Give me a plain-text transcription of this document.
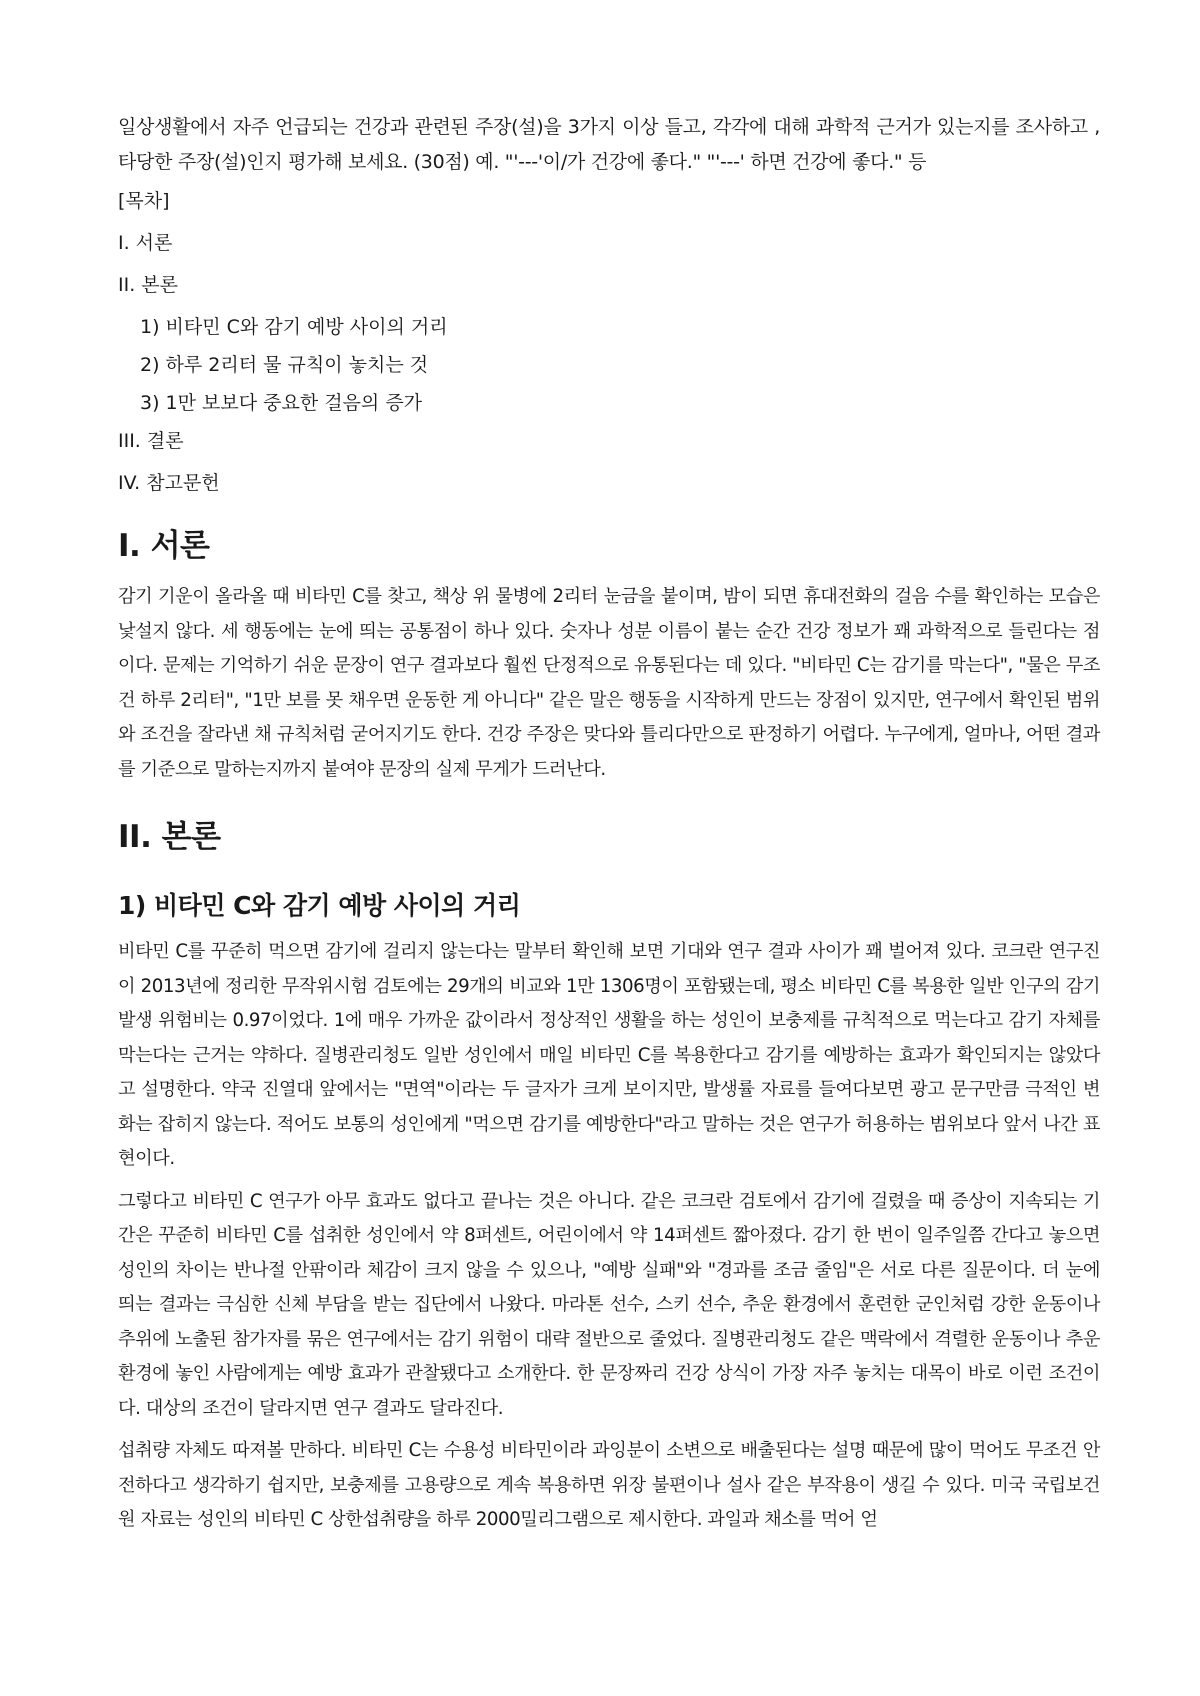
일상생활에서 자주 언급되는 건강과 관련된 주장(설)을 3가지 이상 들고, 각각에 대해 과학적 근거가 있는지를 조사하고 , 타당한 주장(설)인지 평가해 보세요. (30점) 예. "'---'이/가 건강에 좋다." "'---' 하면 건강에 좋다." 등

[목차]

I. 서론

II. 본론

1) 비타민 C와 감기 예방 사이의 거리

2) 하루 2리터 물 규칙이 놓치는 것

3) 1만 보보다 중요한 걸음의 증가

III. 결론

IV. 참고문헌

I. 서론

감기 기운이 올라올 때 비타민 C를 찾고, 책상 위 물병에 2리터 눈금을 붙이며, 밤이 되면 휴대전화의 걸음 수를 확인하는 모습은 낯설지 않다. 세 행동에는 눈에 띄는 공통점이 하나 있다. 숫자나 성분 이름이 붙는 순간 건강 정보가 꽤 과학적으로 들린다는 점이다. 문제는 기억하기 쉬운 문장이 연구 결과보다 훨씬 단정적으로 유통된다는 데 있다. "비타민 C는 감기를 막는다", "물은 무조건 하루 2리터", "1만 보를 못 채우면 운동한 게 아니다" 같은 말은 행동을 시작하게 만드는 장점이 있지만, 연구에서 확인된 범위와 조건을 잘라낸 채 규칙처럼 굳어지기도 한다. 건강 주장은 맞다와 틀리다만으로 판정하기 어렵다. 누구에게, 얼마나, 어떤 결과를 기준으로 말하는지까지 붙여야 문장의 실제 무게가 드러난다.

II. 본론
1) 비타민 C와 감기 예방 사이의 거리

비타민 C를 꾸준히 먹으면 감기에 걸리지 않는다는 말부터 확인해 보면 기대와 연구 결과 사이가 꽤 벌어져 있다. 코크란 연구진이 2013년에 정리한 무작위시험 검토에는 29개의 비교와 1만 1306명이 포함됐는데, 평소 비타민 C를 복용한 일반 인구의 감기 발생 위험비는 0.97이었다. 1에 매우 가까운 값이라서 정상적인 생활을 하는 성인이 보충제를 규칙적으로 먹는다고 감기 자체를 막는다는 근거는 약하다. 질병관리청도 일반 성인에서 매일 비타민 C를 복용한다고 감기를 예방하는 효과가 확인되지는 않았다고 설명한다. 약국 진열대 앞에서는 "면역"이라는 두 글자가 크게 보이지만, 발생률 자료를 들여다보면 광고 문구만큼 극적인 변화는 잡히지 않는다. 적어도 보통의 성인에게 "먹으면 감기를 예방한다"라고 말하는 것은 연구가 허용하는 범위보다 앞서 나간 표현이다.

그렇다고 비타민 C 연구가 아무 효과도 없다고 끝나는 것은 아니다. 같은 코크란 검토에서 감기에 걸렸을 때 증상이 지속되는 기간은 꾸준히 비타민 C를 섭취한 성인에서 약 8퍼센트, 어린이에서 약 14퍼센트 짧아졌다. 감기 한 번이 일주일쯤 간다고 놓으면 성인의 차이는 반나절 안팎이라 체감이 크지 않을 수 있으나, "예방 실패"와 "경과를 조금 줄임"은 서로 다른 질문이다. 더 눈에 띄는 결과는 극심한 신체 부담을 받는 집단에서 나왔다. 마라톤 선수, 스키 선수, 추운 환경에서 훈련한 군인처럼 강한 운동이나 추위에 노출된 참가자를 묶은 연구에서는 감기 위험이 대략 절반으로 줄었다. 질병관리청도 같은 맥락에서 격렬한 운동이나 추운 환경에 놓인 사람에게는 예방 효과가 관찰됐다고 소개한다. 한 문장짜리 건강 상식이 가장 자주 놓치는 대목이 바로 이런 조건이다. 대상의 조건이 달라지면 연구 결과도 달라진다.

섭취량 자체도 따져볼 만하다. 비타민 C는 수용성 비타민이라 과잉분이 소변으로 배출된다는 설명 때문에 많이 먹어도 무조건 안전하다고 생각하기 쉽지만, 보충제를 고용량으로 계속 복용하면 위장 불편이나 설사 같은 부작용이 생길 수 있다. 미국 국립보건원 자료는 성인의 비타민 C 상한섭취량을 하루 2000밀리그램으로 제시한다. 과일과 채소를 먹어 얻
